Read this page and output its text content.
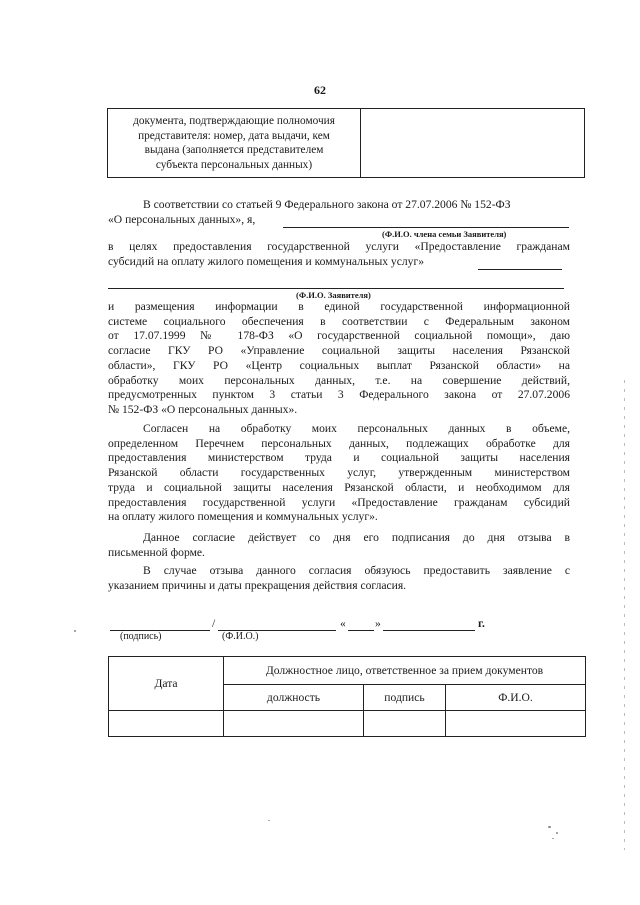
62
документа, подтверждающие полномочия
представителя: номер, дата выдачи, кем
выдана (заполняется представителем
субъекта персональных данных)

В соответствии со статьей 9 Федерального закона от 27.07.2006 № 152-ФЗ
«О персональных данных», я,
(Ф.И.О. члена семьи Заявителя)
в целях предоставления государственной услуги «Предоставление гражданам
субсидий на оплату жилого помещения и коммунальных услуг»
(Ф.И.О. Заявителя)
и размещения информации в единой государственной информационной
системе социального обеспечения в соответствии с Федеральным законом
от 17.07.1999 № 178-ФЗ «О государственной социальной помощи», даю
согласие ГКУ РО «Управление социальной защиты населения Рязанской
области», ГКУ РО «Центр социальных выплат Рязанской области» на
обработку моих персональных данных, т.е. на совершение действий,
предусмотренных пунктом 3 статьи 3 Федерального закона от 27.07.2006
№ 152-ФЗ «О персональных данных».
Согласен на обработку моих персональных данных в объеме,
определенном Перечнем персональных данных, подлежащих обработке для
предоставления министерством труда и социальной защиты населения
Рязанской области государственных услуг, утвержденным министерством
труда и социальной защиты населения Рязанской области, и необходимом для
предоставления государственной услуги «Предоставление гражданам субсидий
на оплату жилого помещения и коммунальных услуг».
Данное согласие действует со дня его подписания до дня отзыва в
письменной форме.
В случае отзыва данного согласия обязуюсь предоставить заявление с
указанием причины и даты прекращения действия согласия.
/	«	»	г.
(подпись)	(Ф.И.О.)
Дата	Должностное лицо, ответственное за прием документов		
	должность	подпись	Ф.И.О.
